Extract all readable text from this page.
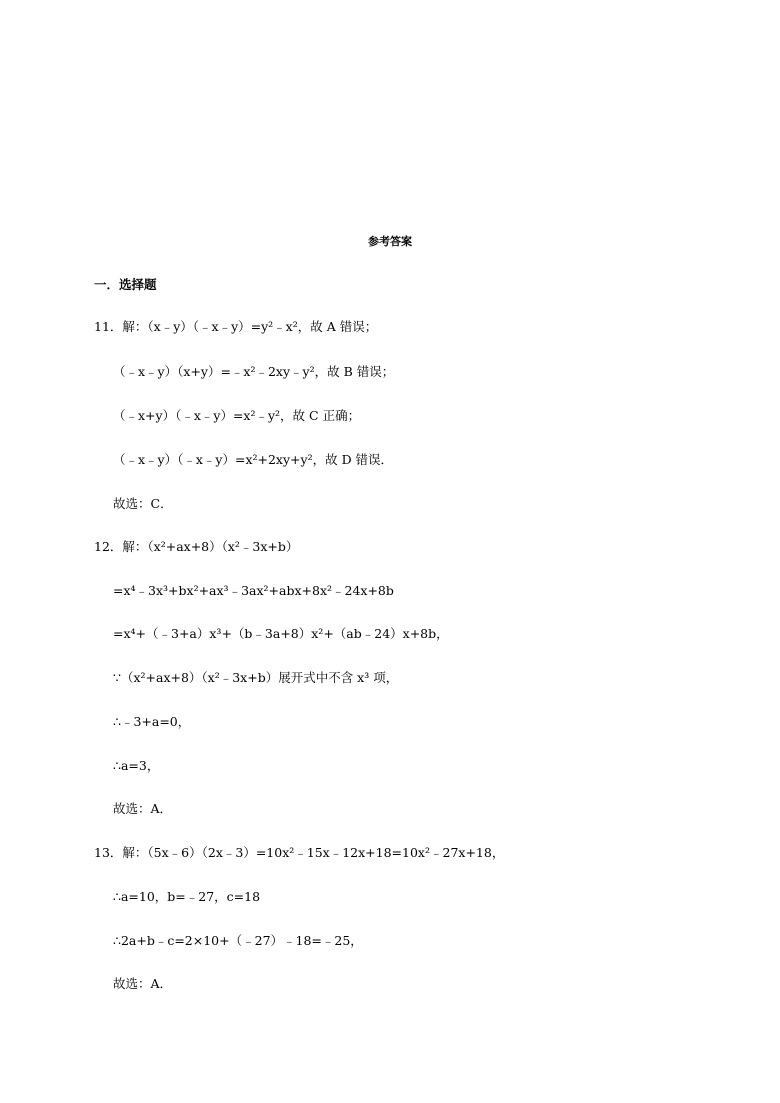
参考答案
一．选择题
11．解：（x﹣y）（﹣x﹣y）=y²﹣x²，故 A 错误；
（﹣x﹣y）（x+y）=﹣x²﹣2xy﹣y²，故 B 错误；
（﹣x+y）（﹣x﹣y）=x²﹣y²，故 C 正确；
（﹣x﹣y）（﹣x﹣y）=x²+2xy+y²，故 D 错误．
故选：C．
12．解：（x²+ax+8）（x²﹣3x+b）
=x⁴﹣3x³+bx²+ax³﹣3ax²+abx+8x²﹣24x+8b
=x⁴+（﹣3+a）x³+（b﹣3a+8）x²+（ab﹣24）x+8b，
∵（x²+ax+8）（x²﹣3x+b）展开式中不含 x³ 项，
∴﹣3+a=0，
∴a=3，
故选：A．
13．解：（5x﹣6）（2x﹣3）=10x²﹣15x﹣12x+18=10x²﹣27x+18，
∴a=10，b=﹣27，c=18
∴2a+b﹣c=2×10+（﹣27）﹣18=﹣25，
故选：A．
